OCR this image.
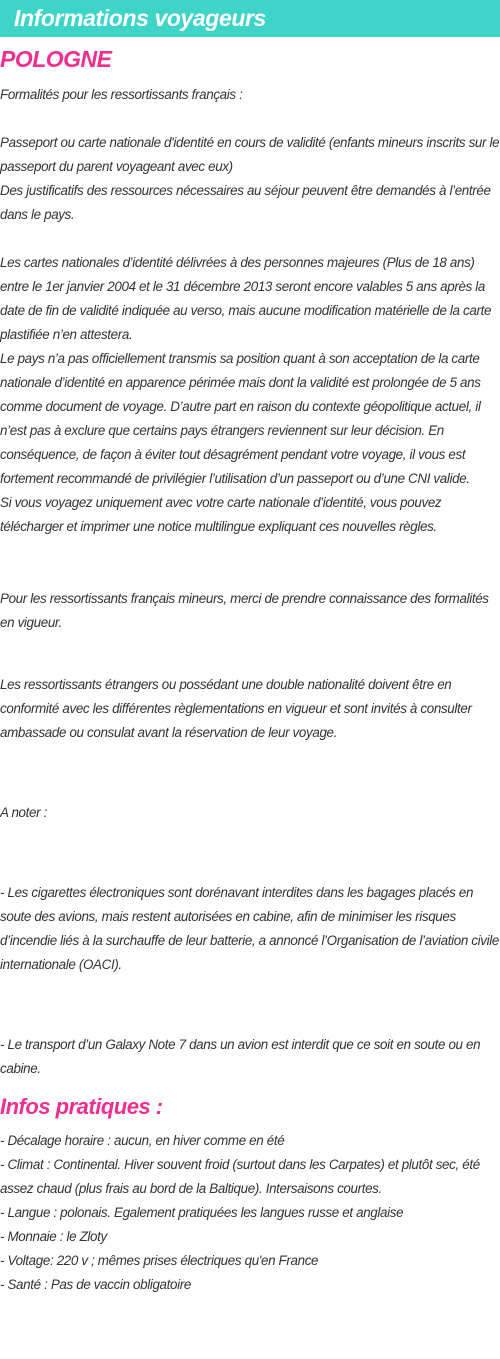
Informations voyageurs
POLOGNE

Formalités pour les ressortissants français :

Passeport ou carte nationale d'identité en cours de validité (enfants mineurs inscrits sur le passeport du parent voyageant avec eux)

Des justificatifs des ressources nécessaires au séjour peuvent être demandés à l’entrée dans le pays.

Les cartes nationales d’identité délivrées à des personnes majeures (Plus de 18 ans) entre le 1er janvier 2004 et le 31 décembre 2013 seront encore valables 5 ans après la date de fin de validité indiquée au verso, mais aucune modification matérielle de la carte plastifiée n’en attestera.

Le pays n’a pas officiellement transmis sa position quant à son acceptation de la carte nationale d’identité en apparence périmée mais dont la validité est prolongée de 5 ans comme document de voyage. D’autre part en raison du contexte géopolitique actuel, il n’est pas à exclure que certains pays étrangers reviennent sur leur décision. En conséquence, de façon à éviter tout désagrément pendant votre voyage, il vous est fortement recommandé de privilégier l’utilisation d’un passeport ou d’une CNI valide.

Si vous voyagez uniquement avec votre carte nationale d’identité, vous pouvez télécharger et imprimer une notice multilingue expliquant ces nouvelles règles.

Pour les ressortissants français mineurs, merci de prendre connaissance des formalités en vigueur.

Les ressortissants étrangers ou possédant une double nationalité doivent être en conformité avec les différentes règlementations en vigueur et sont invités à consulter ambassade ou consulat avant la réservation de leur voyage.

A noter :

- Les cigarettes électroniques sont dorénavant interdites dans les bagages placés en soute des avions, mais restent autorisées en cabine, afin de minimiser les risques d’incendie liés à la surchauffe de leur batterie, a annoncé l’Organisation de l’aviation civile internationale (OACI).

- Le transport d’un Galaxy Note 7 dans un avion est interdit que ce soit en soute ou en cabine.

Infos pratiques :

- Décalage horaire : aucun, en hiver comme en été

- Climat : Continental. Hiver souvent froid (surtout dans les Carpates) et plutôt sec, été assez chaud (plus frais au bord de la Baltique). Intersaisons courtes.

- Langue : polonais. Egalement pratiquées les langues russe et anglaise

- Monnaie : le Zloty

- Voltage: 220 v ; mêmes prises électriques qu'en France

- Santé : Pas de vaccin obligatoire
